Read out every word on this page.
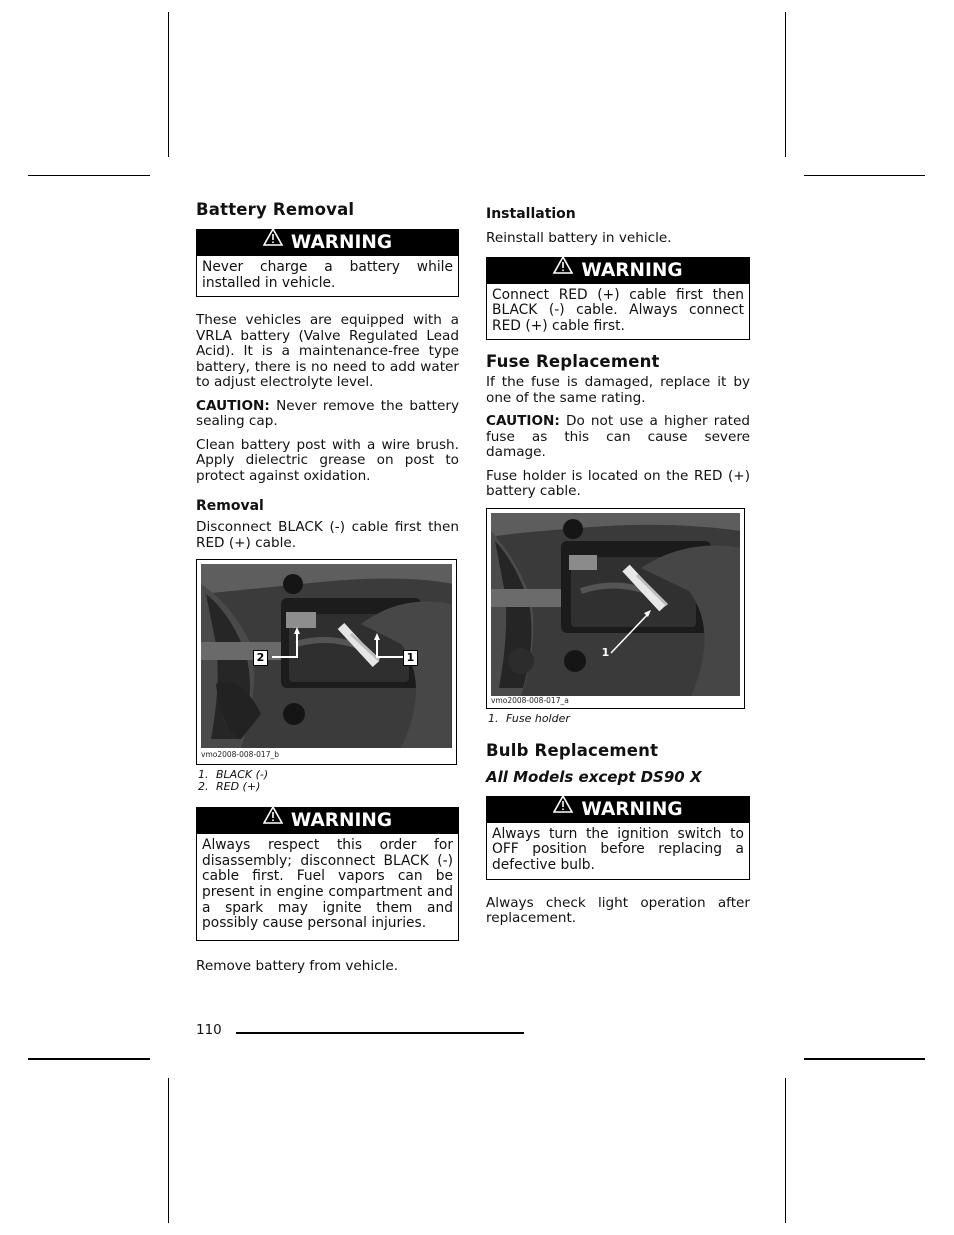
Battery Removal
WARNING
Never charge a battery while installed in vehicle.

These vehicles are equipped with a VRLA battery (Valve Regulated Lead Acid). It is a maintenance-free type battery, there is no need to add water to adjust electrolyte level.

CAUTION: Never remove the battery sealing cap.

Clean battery post with a wire brush. Apply dielectric grease on post to protect against oxidation.

Removal

Disconnect BLACK (-) cable first then RED (+) cable.

2	1
vmo2008-008-017_b
1. BLACK (-)
2. RED (+)
WARNING
Always respect this order for disassembly; disconnect BLACK (-) cable first. Fuel vapors can be present in engine compartment and a spark may ignite them and possibly cause personal injuries.

Remove battery from vehicle.

Installation

Reinstall battery in vehicle.

WARNING
Connect RED (+) cable first then BLACK (-) cable. Always connect RED (+) cable first.
Fuse Replacement

If the fuse is damaged, replace it by one of the same rating.

CAUTION: Do not use a higher rated fuse as this can cause severe damage.

Fuse holder is located on the RED (+) battery cable.

1
vmo2008-008-017_a
1. Fuse holder
Bulb Replacement
All Models except DS90 X
WARNING
Always turn the ignition switch to OFF position before replacing a defective bulb.

Always check light operation after replacement.

110
